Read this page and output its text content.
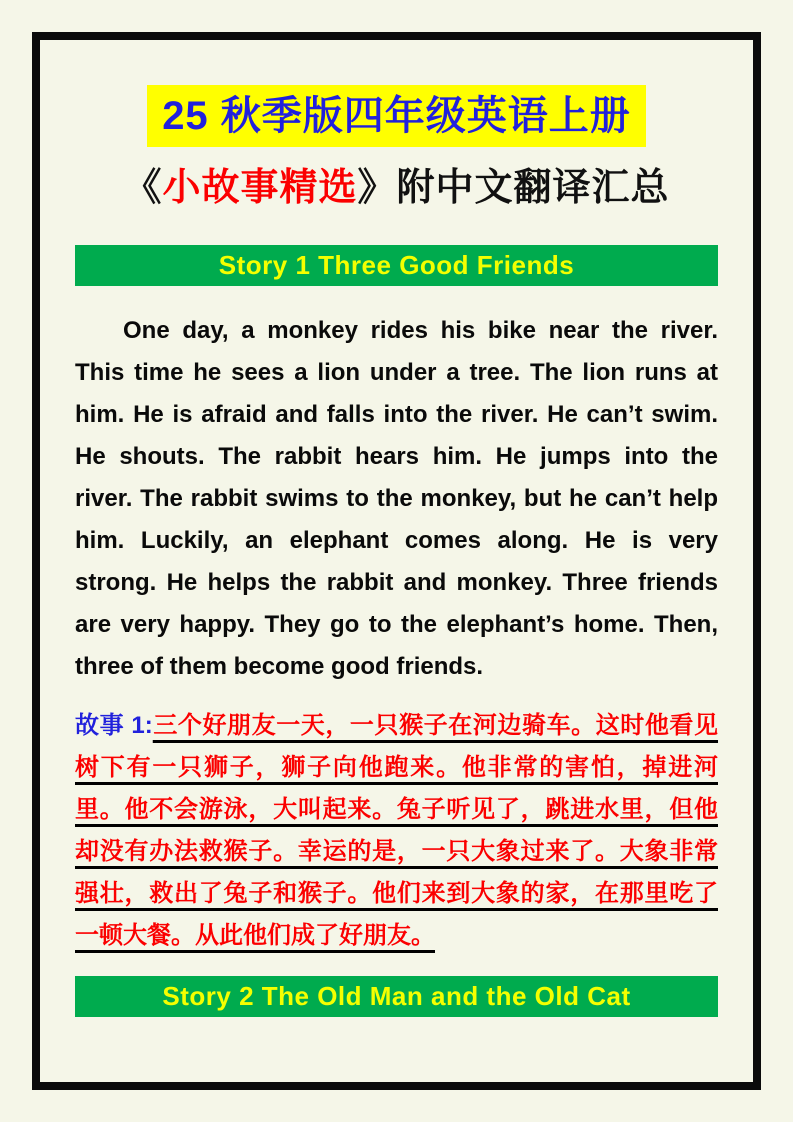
25 秋季版四年级英语上册
《小故事精选》附中文翻译汇总
Story 1 Three Good Friends

One day, a monkey rides his bike near the river. This time he sees a lion under a tree. The lion runs at him. He is afraid and falls into the river. He can’t swim. He shouts. The rabbit hears him. He jumps into the river. The rabbit swims to the monkey, but he can’t help him. Luckily, an elephant comes along. He is very strong. He helps the rabbit and monkey. Three friends are very happy. They go to the elephant’s home. Then, three of them become good friends.

故事 1:三个好朋友一天，一只猴子在河边骑车。这时他看见树下有一只狮子，狮子向他跑来。他非常的害怕，掉进河里。他不会游泳，大叫起来。兔子听见了，跳进水里，但他却没有办法救猴子。幸运的是，一只大象过来了。大象非常强壮，救出了兔子和猴子。他们来到大象的家，在那里吃了一顿大餐。从此他们成了好朋友。

Story 2 The Old Man and the Old Cat
